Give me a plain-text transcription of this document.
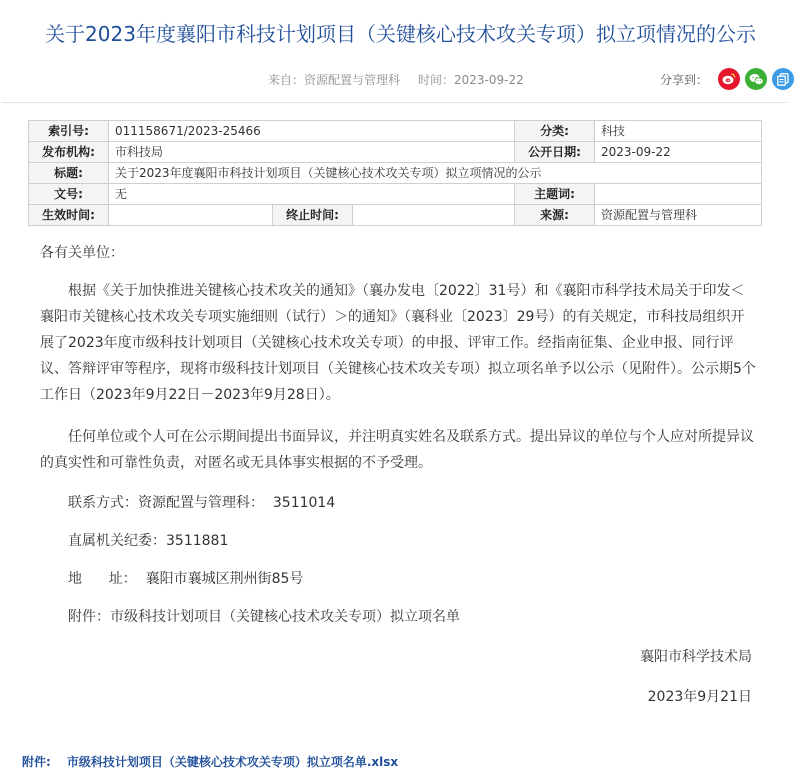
关于2023年度襄阳市科技计划项目（关键核心技术攻关专项）拟立项情况的公示
来自：资源配置与管理科 时间：2023-09-22	分享到：
索引号:	011158671/2023-25466			分类:	科技
发布机构:	市科技局			公开日期:	2023-09-22
标题:	关于2023年度襄阳市科技计划项目（关键核心技术攻关专项）拟立项情况的公示				
文号:	无			主题词:	
生效时间:		终止时间:		来源:	资源配置与管理科

各有关单位：

根据《关于加快推进关键核心技术攻关的通知》（襄办发电〔2022〕31号）和《襄阳市科学技术局关于印发＜襄阳市关键核心技术攻关专项实施细则（试行）＞的通知》（襄科业〔2023〕29号）的有关规定，市科技局组织开展了2023年度市级科技计划项目（关键核心技术攻关专项）的申报、评审工作。经指南征集、企业申报、同行评议、答辩评审等程序，现将市级科技计划项目（关键核心技术攻关专项）拟立项名单予以公示（见附件）。公示期5个工作日（2023年9月22日－2023年9月28日）。

任何单位或个人可在公示期间提出书面异议，并注明真实姓名及联系方式。提出异议的单位与个人应对所提异议的真实性和可靠性负责，对匿名或无具体事实根据的不予受理。

联系方式：资源配置与管理科：  3511014

直属机关纪委：3511881

地      址：  襄阳市襄城区荆州街85号

附件：市级科技计划项目（关键核心技术攻关专项）拟立项名单

襄阳市科学技术局

2023年9月21日

附件: 市级科技计划项目（关键核心技术攻关专项）拟立项名单.xlsx
